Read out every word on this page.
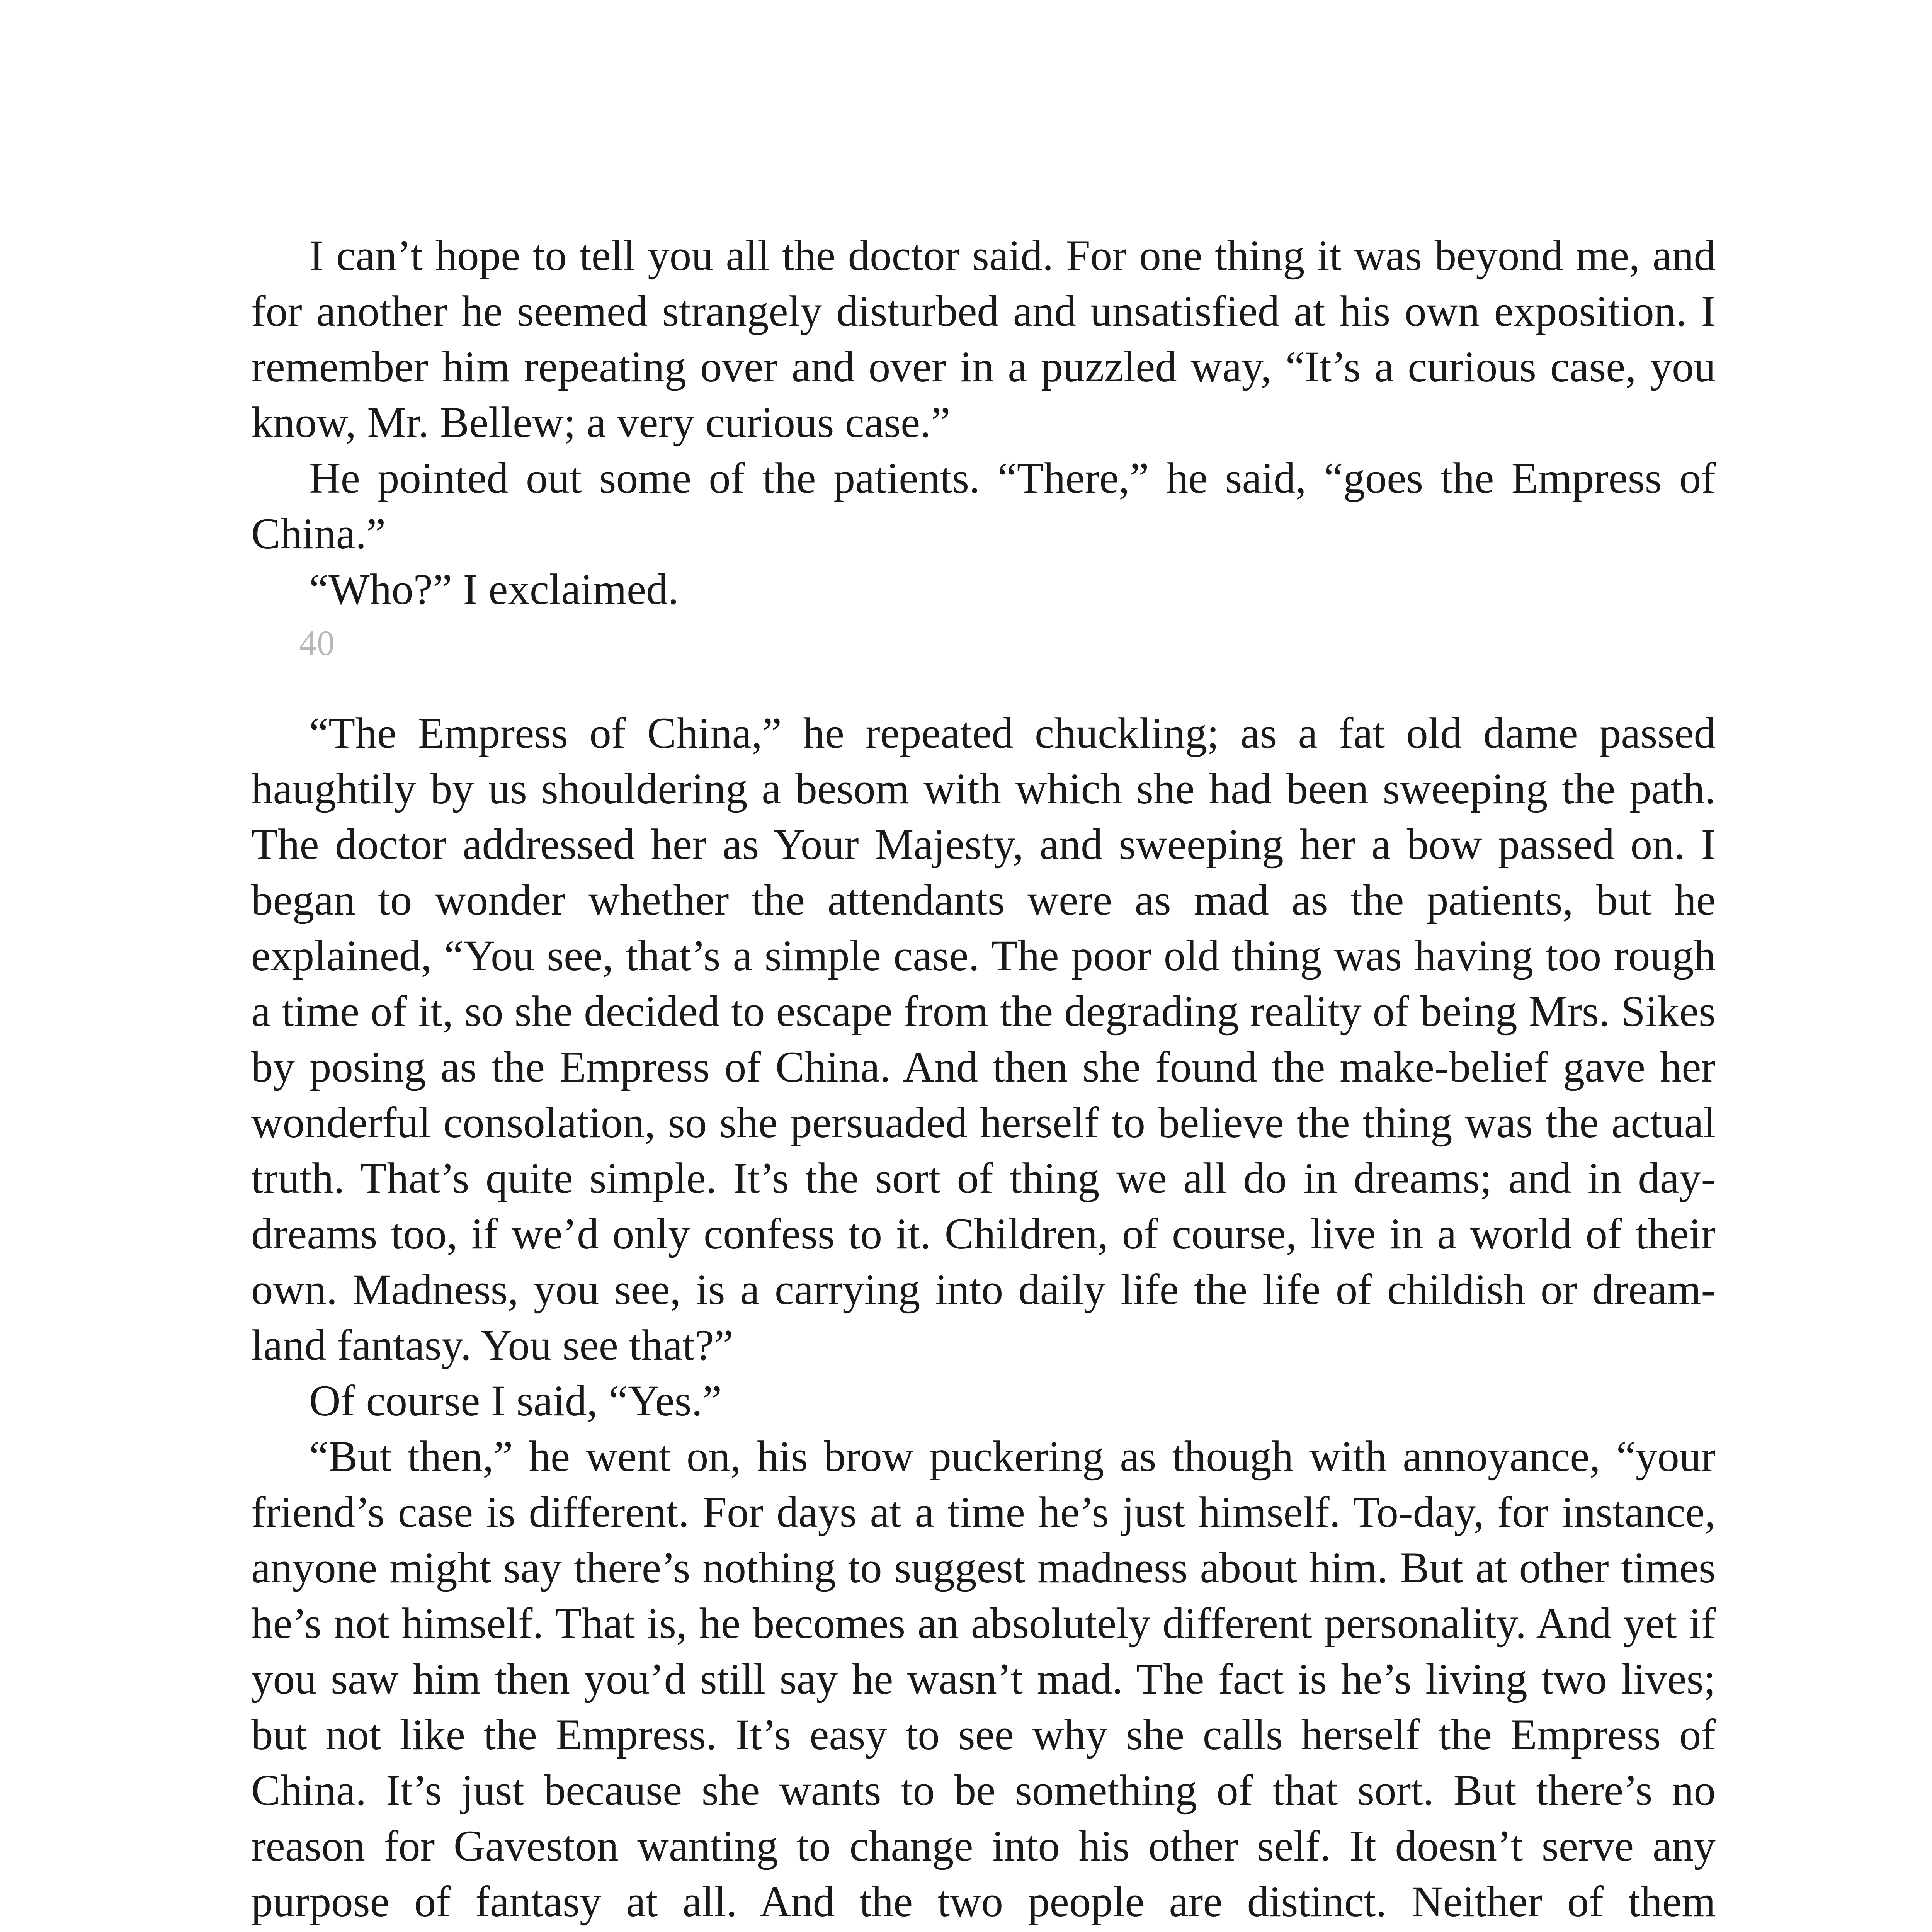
I can’t hope to tell you all the doctor said. For one thing it was beyond me, and for another he seemed strangely disturbed and unsatisfied at his own exposition. I remember him repeating over and over in a puzzled way, “It’s a curious case, you know, Mr. Bellew; a very curious case.”

He pointed out some of the patients. “There,” he said, “goes the Empress of China.”

“Who?” I exclaimed.

40

“The Empress of China,” he repeated chuckling; as a fat old dame passed haughtily by us shouldering a besom with which she had been sweeping the path. The doctor addressed her as Your Majesty, and sweeping her a bow passed on. I began to wonder whether the attendants were as mad as the patients, but he explained, “You see, that’s a simple case. The poor old thing was having too rough a time of it, so she decided to escape from the degrading reality of being Mrs. Sikes by posing as the Empress of China. And then she found the make-belief gave her wonderful consolation, so she persuaded herself to believe the thing was the actual truth. That’s quite simple. It’s the sort of thing we all do in dreams; and in day-dreams too, if we’d only confess to it. Children, of course, live in a world of their own. Madness, you see, is a carrying into daily life the life of childish or dream-land fantasy. You see that?”

Of course I said, “Yes.”

“But then,” he went on, his brow puckering as though with annoyance, “your friend’s case is different. For days at a time he’s just himself. To-day, for instance, anyone might say there’s nothing to suggest madness about him. But at other times he’s not himself. That is, he becomes an absolutely different personality. And yet if you saw him then you’d still say he wasn’t mad. The fact is he’s living two lives; but not like the Empress. It’s easy to see why she calls herself the Empress of China. It’s just because she wants to be something of that sort. But there’s no reason for Gaveston wanting to change into his other self. It doesn’t serve any purpose of fantasy at all. And the two people are distinct. Neither of them
